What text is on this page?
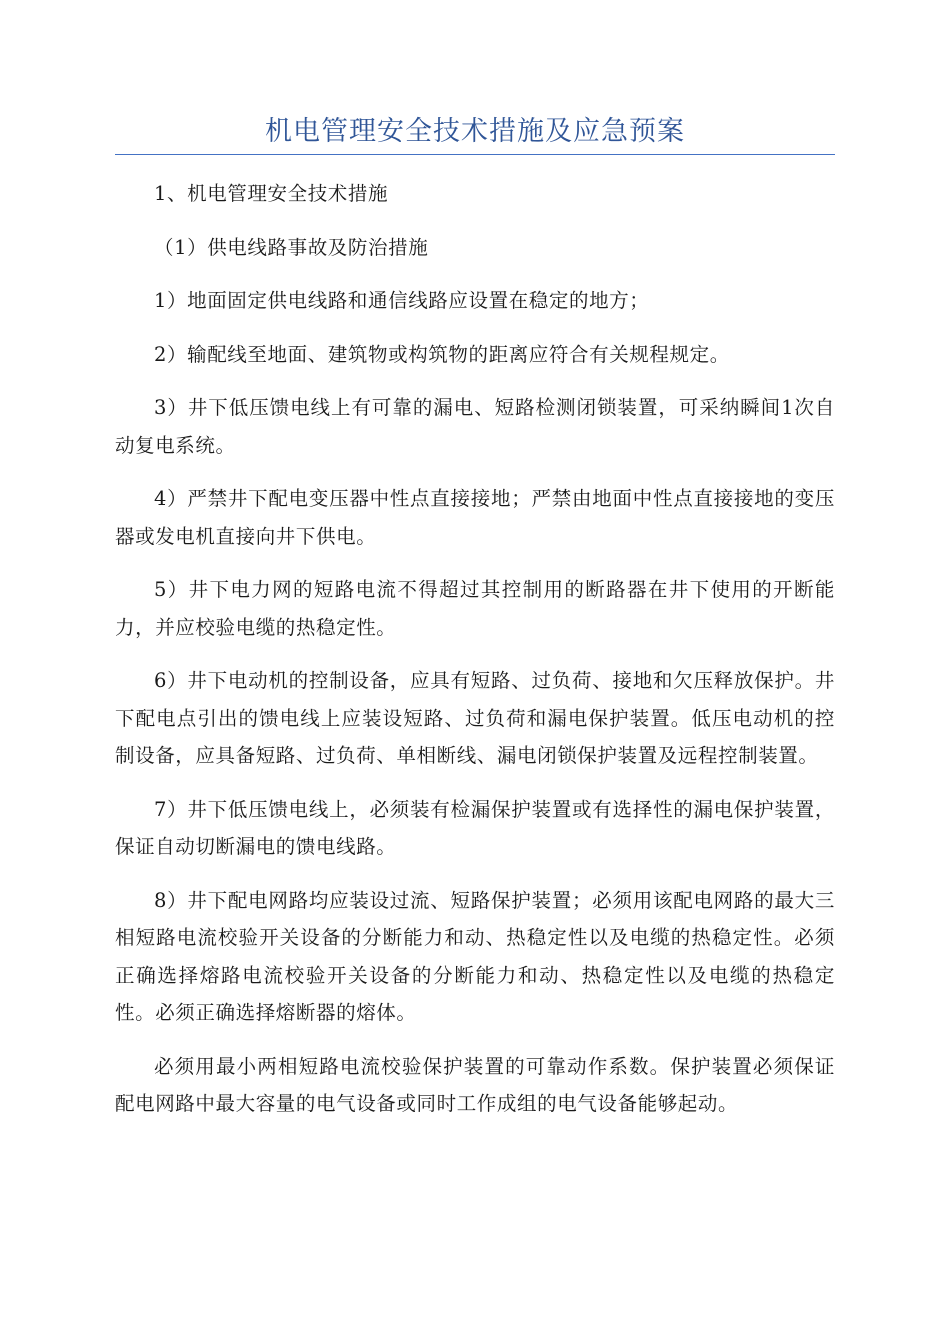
机电管理安全技术措施及应急预案

1、机电管理安全技术措施

（1）供电线路事故及防治措施

1）地面固定供电线路和通信线路应设置在稳定的地方；

2）输配线至地面、建筑物或构筑物的距离应符合有关规程规定。

3）井下低压馈电线上有可靠的漏电、短路检测闭锁装置，可采纳瞬间1次自动复电系统。

4）严禁井下配电变压器中性点直接接地；严禁由地面中性点直接接地的变压器或发电机直接向井下供电。

5）井下电力网的短路电流不得超过其控制用的断路器在井下使用的开断能力，并应校验电缆的热稳定性。

6）井下电动机的控制设备，应具有短路、过负荷、接地和欠压释放保护。井下配电点引出的馈电线上应装设短路、过负荷和漏电保护装置。低压电动机的控制设备，应具备短路、过负荷、单相断线、漏电闭锁保护装置及远程控制装置。

7）井下低压馈电线上，必须装有检漏保护装置或有选择性的漏电保护装置，保证自动切断漏电的馈电线路。

8）井下配电网路均应装设过流、短路保护装置；必须用该配电网路的最大三相短路电流校验开关设备的分断能力和动、热稳定性以及电缆的热稳定性。必须正确选择熔路电流校验开关设备的分断能力和动、热稳定性以及电缆的热稳定性。必须正确选择熔断器的熔体。

必须用最小两相短路电流校验保护装置的可靠动作系数。保护装置必须保证配电网路中最大容量的电气设备或同时工作成组的电气设备能够起动。
